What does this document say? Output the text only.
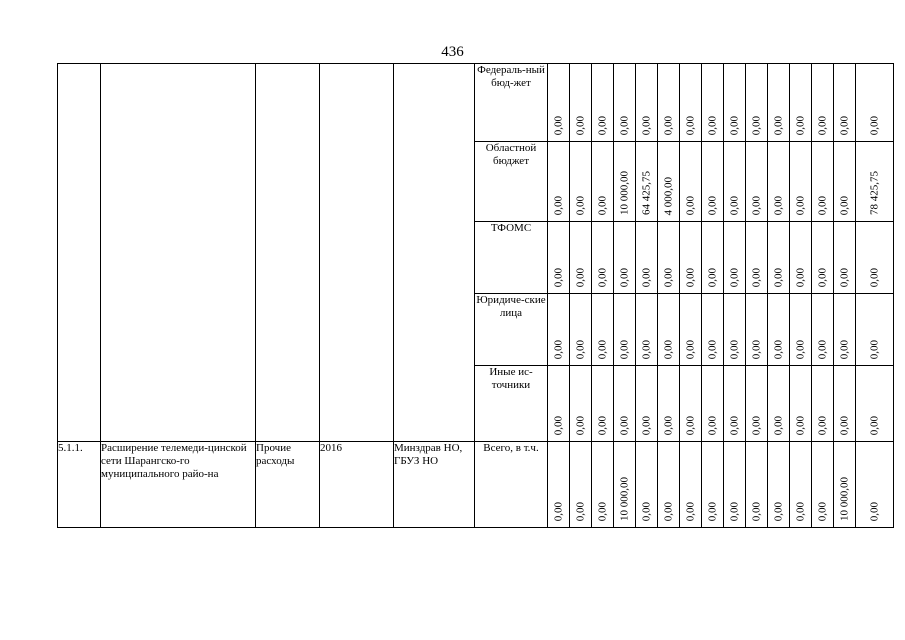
436
					Федераль-ный бюд-жет	0,00	0,00	0,00	0,00	0,00	0,00	0,00	0,00	0,00	0,00	0,00	0,00	0,00	0,00	0,00

					Областной бюджет	0,00	0,00	0,00	10 000,00	64 425,75	4 000,00	0,00	0,00	0,00	0,00	0,00	0,00	0,00	0,00	78 425,75

					ТФОМС	0,00	0,00	0,00	0,00	0,00	0,00	0,00	0,00	0,00	0,00	0,00	0,00	0,00	0,00	0,00

					Юридиче-ские лица	0,00	0,00	0,00	0,00	0,00	0,00	0,00	0,00	0,00	0,00	0,00	0,00	0,00	0,00	0,00

					Иные ис-точники	0,00	0,00	0,00	0,00	0,00	0,00	0,00	0,00	0,00	0,00	0,00	0,00	0,00	0,00	0,00

5.1.1.	Расширение телемеди-цинской сети Шарангско-го муниципального райо-на	Прочие расходы	2016	Минздрав НО, ГБУЗ НО	Всего, в т.ч.	0,00	0,00	0,00	10 000,00	0,00	0,00	0,00	0,00	0,00	0,00	0,00	0,00	0,00	10 000,00	0,00
